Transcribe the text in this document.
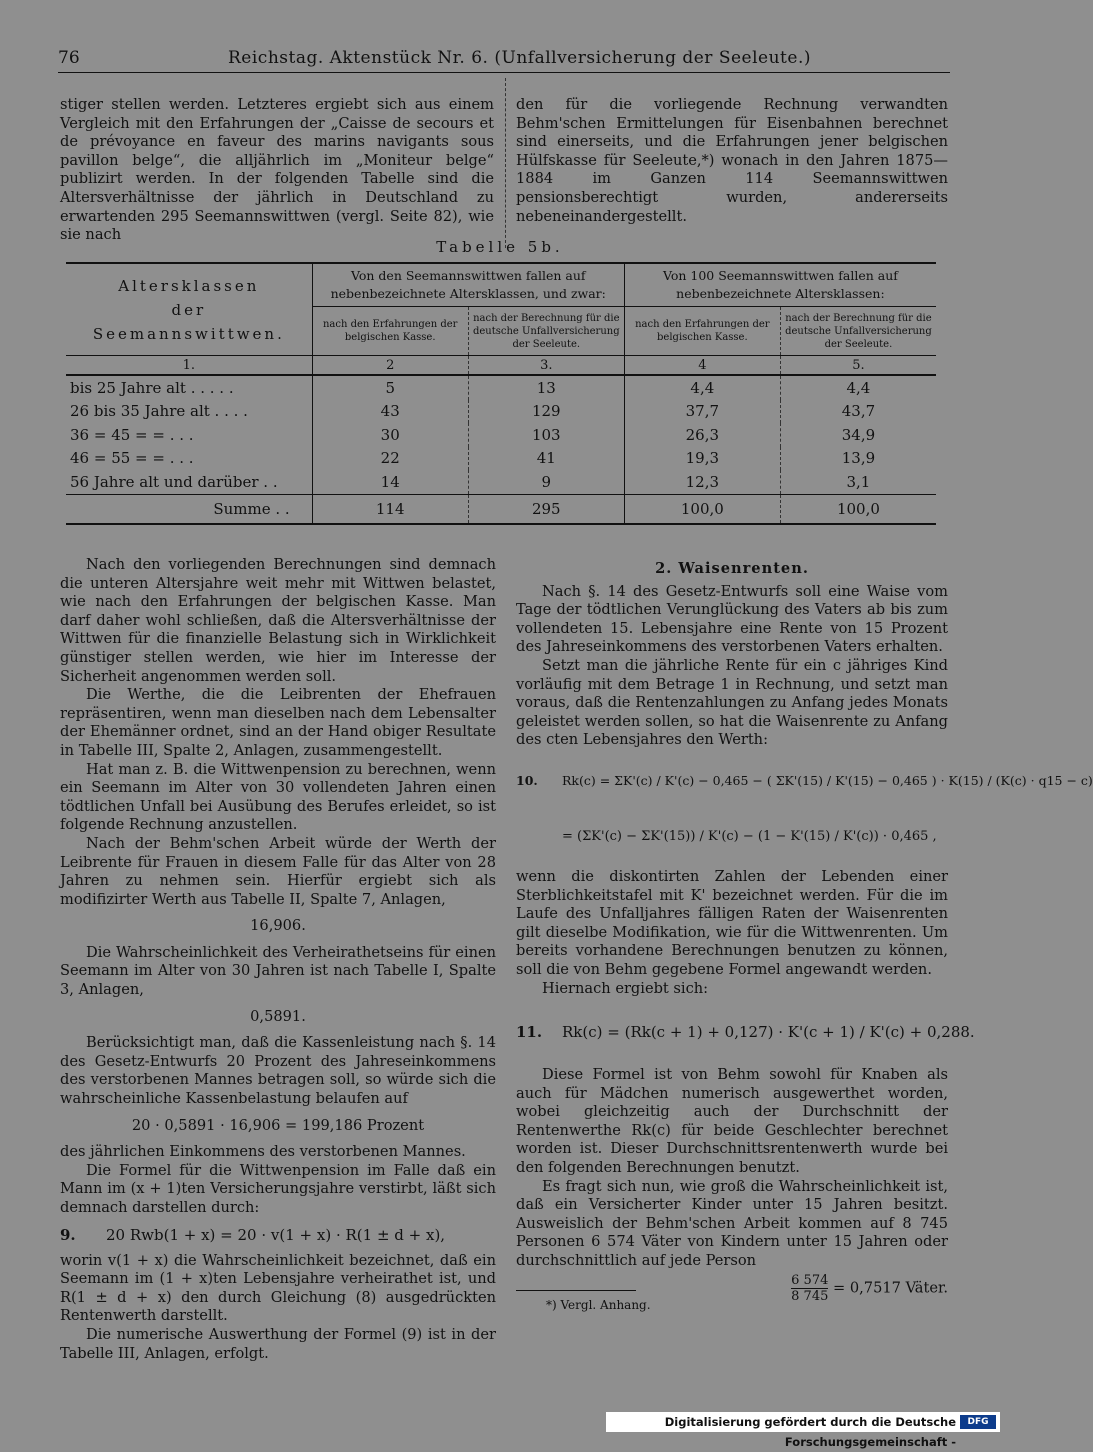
76	Reichstag. Aktenstück Nr. 6. (Unfallversicherung der Seeleute.)

stiger stellen werden. Letzteres ergiebt sich aus einem Vergleich mit den Erfahrungen der „Caisse de secours et de prévoyance en faveur des marins navigants sous pavillon belge“, die alljährlich im „Moniteur belge“ publizirt werden. In der folgenden Tabelle sind die Altersverhältnisse der jährlich in Deutschland zu erwartenden 295 Seemannswittwen (vergl. Seite 82), wie sie nach

den für die vorliegende Rechnung verwandten Behm'schen Ermittelungen für Eisenbahnen berechnet sind einerseits, und die Erfahrungen jener belgischen Hülfskasse für Seeleute,*) wonach in den Jahren 1875—1884 im Ganzen 114 Seemannswittwen pensionsberechtigt wurden, andererseits nebeneinandergestellt.

Tabelle 5b.
Altersklassen
der
Seemannswittwen.	Von den Seemannswittwen fallen auf nebenbezeichnete Altersklassen, und zwar:		Von 100 Seemannswittwen fallen auf nebenbezeichnete Altersklassen:	
	nach den Erfahrungen der belgischen Kasse.	nach der Berechnung für die deutsche Unfallversicherung der Seeleute.	nach den Erfahrungen der belgischen Kasse.	nach der Berechnung für die deutsche Unfallversicherung der Seeleute.
1.	2	3.	4	5.
bis 25 Jahre alt . . . . .	5	13	4,4	4,4
26 bis 35 Jahre alt . . . .	43	129	37,7	43,7
36 = 45 = = . . .	30	103	26,3	34,9
46 = 55 = = . . .	22	41	19,3	13,9
56 Jahre alt und darüber . .	14	9	12,3	3,1
Summe . .	114	295	100,0	100,0

Nach den vorliegenden Berechnungen sind demnach die unteren Altersjahre weit mehr mit Wittwen belastet, wie nach den Erfahrungen der belgischen Kasse. Man darf daher wohl schließen, daß die Altersverhältnisse der Wittwen für die finanzielle Belastung sich in Wirklichkeit günstiger stellen werden, wie hier im Interesse der Sicherheit angenommen werden soll.

Die Werthe, die die Leibrenten der Ehefrauen repräsentiren, wenn man dieselben nach dem Lebensalter der Ehemänner ordnet, sind an der Hand obiger Resultate in Tabelle III, Spalte 2, Anlagen, zusammengestellt.

Hat man z. B. die Wittwenpension zu berechnen, wenn ein Seemann im Alter von 30 vollendeten Jahren einen tödtlichen Unfall bei Ausübung des Berufes erleidet, so ist folgende Rechnung anzustellen.

Nach der Behm'schen Arbeit würde der Werth der Leibrente für Frauen in diesem Falle für das Alter von 28 Jahren zu nehmen sein. Hierfür ergiebt sich als modifizirter Werth aus Tabelle II, Spalte 7, Anlagen,

16,906.

Die Wahrscheinlichkeit des Verheirathetseins für einen Seemann im Alter von 30 Jahren ist nach Tabelle I, Spalte 3, Anlagen,

0,5891.

Berücksichtigt man, daß die Kassenleistung nach §. 14 des Gesetz-Entwurfs 20 Prozent des Jahreseinkommens des verstorbenen Mannes betragen soll, so würde sich die wahrscheinliche Kassenbelastung belaufen auf

20 · 0,5891 · 16,906 = 199,186 Prozent

des jährlichen Einkommens des verstorbenen Mannes.

Die Formel für die Wittwenpension im Falle daß ein Mann im (x + 1)ten Versicherungsjahre verstirbt, läßt sich demnach darstellen durch:

9. 20 Rwb(1 + x) = 20 · v(1 + x) · R(1 ± d + x),

worin v(1 + x) die Wahrscheinlichkeit bezeichnet, daß ein Seemann im (1 + x)ten Lebensjahre verheirathet ist, und R(1 ± d + x) den durch Gleichung (8) ausgedrückten Rentenwerth darstellt.

Die numerische Auswerthung der Formel (9) ist in der Tabelle III, Anlagen, erfolgt.

2. Waisenrenten.

Nach §. 14 des Gesetz-Entwurfs soll eine Waise vom Tage der tödtlichen Verunglückung des Vaters ab bis zum vollendeten 15. Lebensjahre eine Rente von 15 Prozent des Jahreseinkommens des verstorbenen Vaters erhalten.

Setzt man die jährliche Rente für ein c jähriges Kind vorläufig mit dem Betrage 1 in Rechnung, und setzt man voraus, daß die Rentenzahlungen zu Anfang jedes Monats geleistet werden sollen, so hat die Waisenrente zu Anfang des cten Lebensjahres den Werth:

10. Rk(c) = ΣK'(c) / K'(c) − 0,465 − ( ΣK'(15) / K'(15) − 0,465 ) · K(15) / (K(c) · q15 − c)

= (ΣK'(c) − ΣK'(15)) / K'(c) − (1 − K'(15) / K'(c)) · 0,465 ,

wenn die diskontirten Zahlen der Lebenden einer Sterblichkeitstafel mit K' bezeichnet werden. Für die im Laufe des Unfalljahres fälligen Raten der Waisenrenten gilt dieselbe Modifikation, wie für die Wittwenrenten. Um bereits vorhandene Berechnungen benutzen zu können, soll die von Behm gegebene Formel angewandt werden.

Hiernach ergiebt sich:

11. Rk(c) = (Rk(c + 1) + 0,127) · K'(c + 1) / K'(c) + 0,288.

Diese Formel ist von Behm sowohl für Knaben als auch für Mädchen numerisch ausgewerthet worden, wobei gleichzeitig auch der Durchschnitt der Rentenwerthe Rk(c) für beide Geschlechter berechnet worden ist. Dieser Durchschnittsrentenwerth wurde bei den folgenden Berechnungen benutzt.

Es fragt sich nun, wie groß die Wahrscheinlichkeit ist, daß ein Versicherter Kinder unter 15 Jahren besitzt. Ausweislich der Behm'schen Arbeit kommen auf 8 745 Personen 6 574 Väter von Kindern unter 15 Jahren oder durchschnittlich auf jede Person

$\frac{6 574}{8 745} = 0,7517$ Väter.

*) Vergl. Anhang.
Digitalisierung gefördert durch die Deutsche Forschungsgemeinschaft -
DFG
